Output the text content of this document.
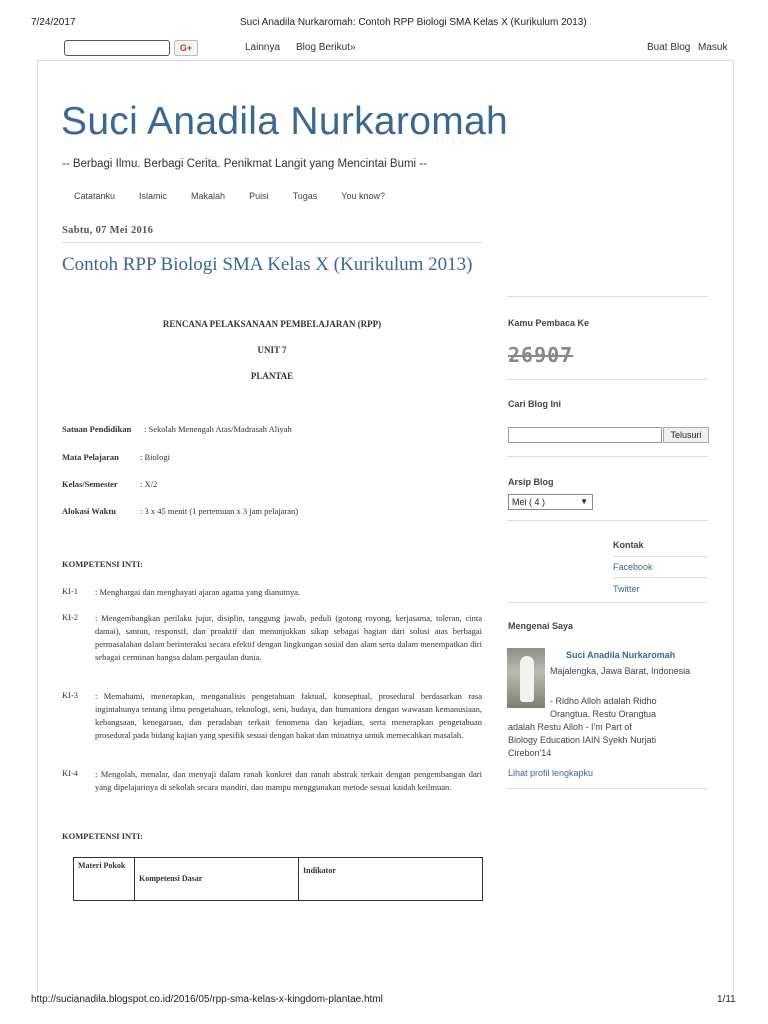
7/24/2017	Suci Anadila Nurkaromah: Contoh RPP Biologi SMA Kelas X (Kurikulum 2013)
G+	Lainnya Blog Berikut»	Buat Blog Masuk
Suci Anadila Nurkaromah
-- Berbagi Ilmu. Berbagi Cerita. Penikmat Langit yang Mencintai Bumi --
Catatanku	Islamic	Makalah	Puisi	Tugas	You know?
Sabtu, 07 Mei 2016
Contoh RPP Biologi SMA Kelas X (Kurikulum 2013)
RENCANA PELAKSANAAN PEMBELAJARAN (RPP)
UNIT 7
PLANTAE
Satuan Pendidikan : Sekolah Menengah Atas/Madrasah Aliyah
Mata Pelajaran : Biologi
Kelas/Semester	: X/2
Alokasi Waktu	: 3 x 45 menit (1 pertemuan x 3 jam pelajaran)
KOMPETENSI INTI:
KI-1 : Menghargai dan menghayati ajaran agama yang dianutnya.
KI-2 : Mengembangkan perilaku jujur, disiplin, tanggung jawab, peduli (gotong royong, kerjasama, toleran, cinta damai), santun, responsif, dan proaktif dan menunjukkan sikap sebagai bagian dari solusi atas berbagai permasalahan dalam berinteraksi secara efektif dengan lingkungan sosial dan alam serta dalam menempatkan diri sebagai cerminan bangsa dalam pergaulan dunia.
KI-3 : Memahami, menerapkan, menganalisis pengetahuan faktual, konseptual, prosedural berdasarkan rasa ingintahunya tentang ilmu pengetahuan, teknologi, seni, budaya, dan humaniora dengan wawasan kemanusiaan, kebangsaan, kenegaraan, dan peradaban terkait fenomena dan kejadian, serta menerapkan pengetahuan prosedural pada bidang kajian yang spesifik sesuai dengan bakat dan minatnya untuk memecahkan masalah.
KI-4 : Mengolah, menalar, dan menyaji dalam ranah konkret dan ranah abstrak terkait dengan pengembangan dari yang dipelajarinya di sekolah secara mandiri, dan mampu menggunakan metode sesuai kaidah keilmuan.
KOMPETENSI INTI:
Materi Pokok	Kompetensi Dasar	Indikator
Kamu Pembaca Ke
26907
Cari Blog Ini
Telusuri
Arsip Blog
Mei ( 4 )	▼
Kontak
Facebook
Twitter
Mengenai Saya
Suci Anadila Nurkaromah
Majalengka, Jawa Barat, Indonesia
- Ridho Alloh adalah Ridho
Orangtua. Restu Orangtua
adalah Restu Alloh - I'm Part of
Biology Education IAIN Syekh Nurjati
Cirebon'14
Lihat profil lengkapku
http://sucianadila.blogspot.co.id/2016/05/rpp-sma-kelas-x-kingdom-plantae.html	1/11
